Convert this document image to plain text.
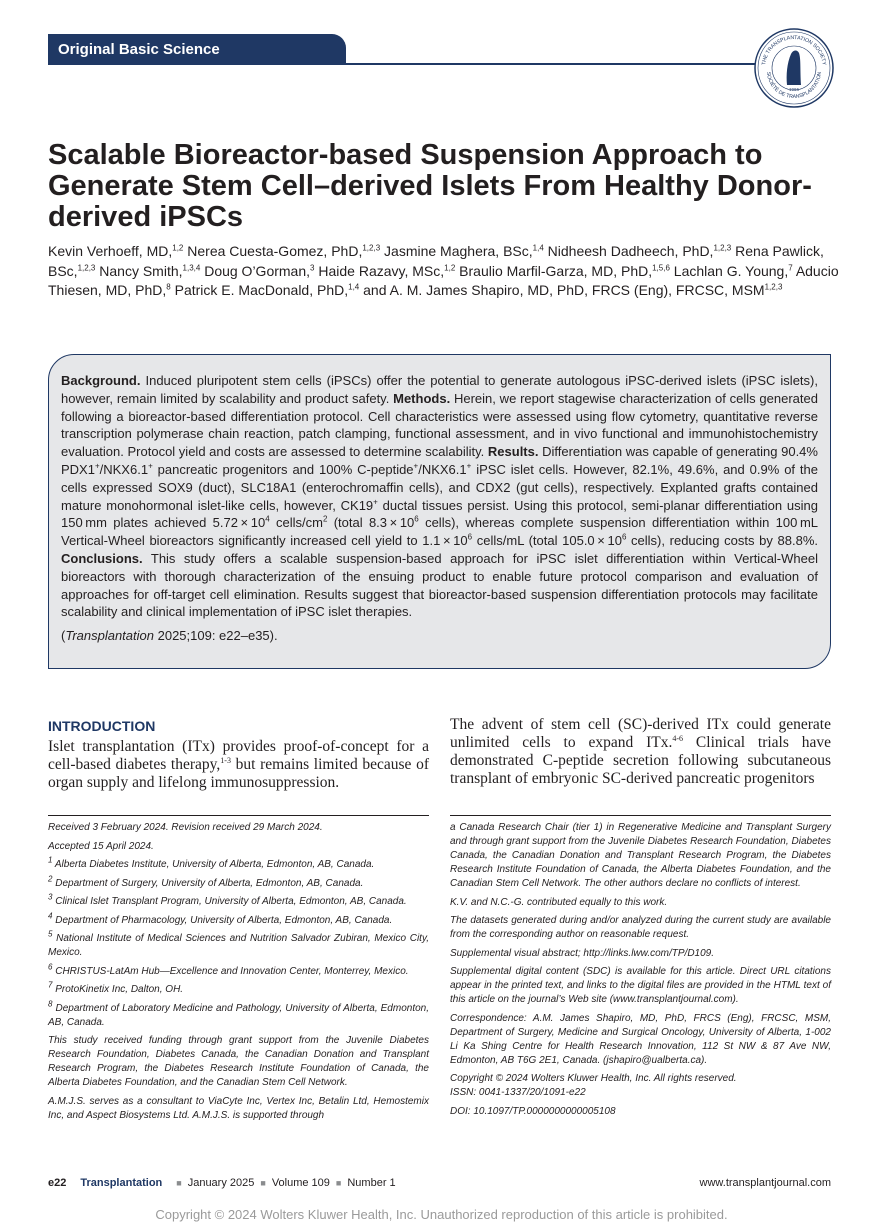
Original Basic Science
THE TRANSPLANTATION SOCIETY
SOCIÉTÉ DE TRANSPLANTATION
1966
Scalable Bioreactor-based Suspension Approach to Generate Stem Cell–derived Islets From Healthy Donor-derived iPSCs
Kevin Verhoeff, MD,$^{1,2}$ Nerea Cuesta-Gomez, PhD,$^{1,2,3}$ Jasmine Maghera, BSc,$^{1,4}$ Nidheesh Dadheech, PhD,$^{1,2,3}$ Rena Pawlick, BSc,$^{1,2,3}$ Nancy Smith,$^{1,3,4}$ Doug O’Gorman,$^3$ Haide Razavy, MSc,$^{1,2}$ Braulio Marfil-Garza, MD, PhD,$^{1,5,6}$ Lachlan G. Young,$^7$ Aducio Thiesen, MD, PhD,$^8$ Patrick E. MacDonald, PhD,$^{1,4}$ and A. M. James Shapiro, MD, PhD, FRCS (Eng), FRCSC, MSM$^{1,2,3}$
Background. Induced pluripotent stem cells (iPSCs) offer the potential to generate autologous iPSC-derived islets (iPSC islets), however, remain limited by scalability and product safety. Methods. Herein, we report stagewise characterization of cells generated following a bioreactor-based differentiation protocol. Cell characteristics were assessed using flow cytometry, quantitative reverse transcription polymerase chain reaction, patch clamping, functional assessment, and in vivo functional and immunohistochemistry evaluation. Protocol yield and costs are assessed to determine scalability. Results. Differentiation was capable of generating 90.4% PDX1+/NKX6.1+ pancreatic progenitors and 100% C-peptide+/NKX6.1+ iPSC islet cells. However, 82.1%, 49.6%, and 0.9% of the cells expressed SOX9 (duct), SLC18A1 (enterochromaffin cells), and CDX2 (gut cells), respectively. Explanted grafts contained mature monohormonal islet-like cells, however, CK19+ ductal tissues persist. Using this protocol, semi-planar differentiation using 150 mm plates achieved $5.72 \times 10^4$ cells/$cm^2$ (total $8.3 \times 10^6$ cells), whereas complete suspension differentiation within 100 mL Vertical-Wheel bioreactors significantly increased cell yield to $1.1 \times 10^6$ cells/mL (total $105.0 \times 10^6$ cells), reducing costs by 88.8%. Conclusions. This study offers a scalable suspension-based approach for iPSC islet differentiation within Vertical-Wheel bioreactors with thorough characterization of the ensuing product to enable future protocol comparison and evaluation of approaches for off-target cell elimination. Results suggest that bioreactor-based suspension differentiation protocols may facilitate scalability and clinical implementation of iPSC islet therapies.
(Transplantation 2025;109: e22–e35).
INTRODUCTION
Islet transplantation (ITx) provides proof-of-concept for a cell-based diabetes therapy,$^{1-3}$ but remains limited because of organ supply and lifelong immunosuppression.
The advent of stem cell (SC)-derived ITx could generate unlimited cells to expand ITx.$^{4-6}$ Clinical trials have demonstrated C-peptide secretion following subcutaneous transplant of embryonic SC-derived pancreatic progenitors

Received 3 February 2024. Revision received 29 March 2024.

Accepted 15 April 2024.

$^1$ Alberta Diabetes Institute, University of Alberta, Edmonton, AB, Canada.

$^2$ Department of Surgery, University of Alberta, Edmonton, AB, Canada.

$^3$ Clinical Islet Transplant Program, University of Alberta, Edmonton, AB, Canada.

$^4$ Department of Pharmacology, University of Alberta, Edmonton, AB, Canada.

$^5$ National Institute of Medical Sciences and Nutrition Salvador Zubiran, Mexico City, Mexico.

$^6$ CHRISTUS-LatAm Hub—Excellence and Innovation Center, Monterrey, Mexico.

$^7$ ProtoKinetix Inc, Dalton, OH.

$^8$ Department of Laboratory Medicine and Pathology, University of Alberta, Edmonton, AB, Canada.

This study received funding through grant support from the Juvenile Diabetes Research Foundation, Diabetes Canada, the Canadian Donation and Transplant Research Program, the Diabetes Research Institute Foundation of Canada, the Alberta Diabetes Foundation, and the Canadian Stem Cell Network.

A.M.J.S. serves as a consultant to ViaCyte Inc, Vertex Inc, Betalin Ltd, Hemostemix Inc, and Aspect Biosystems Ltd. A.M.J.S. is supported through

a Canada Research Chair (tier 1) in Regenerative Medicine and Transplant Surgery and through grant support from the Juvenile Diabetes Research Foundation, Diabetes Canada, the Canadian Donation and Transplant Research Program, the Diabetes Research Institute Foundation of Canada, the Alberta Diabetes Foundation, and the Canadian Stem Cell Network. The other authors declare no conflicts of interest.

K.V. and N.C.-G. contributed equally to this work.

The datasets generated during and/or analyzed during the current study are available from the corresponding author on reasonable request.

Supplemental visual abstract; http://links.lww.com/TP/D109.

Supplemental digital content (SDC) is available for this article. Direct URL citations appear in the printed text, and links to the digital files are provided in the HTML text of this article on the journal’s Web site (www.transplantjournal.com).

Correspondence: A.M. James Shapiro, MD, PhD, FRCS (Eng), FRCSC, MSM, Department of Surgery, Medicine and Surgical Oncology, University of Alberta, 1-002 Li Ka Shing Centre for Health Research Innovation, 112 St NW & 87 Ave NW, Edmonton, AB T6G 2E1, Canada. (jshapiro@ualberta.ca).

Copyright © 2024 Wolters Kluwer Health, Inc. All rights reserved.

ISSN: 0041-1337/20/1091-e22

DOI: 10.1097/TP.0000000000005108

e22 Transplantation ■ January 2025 ■ Volume 109 ■ Number 1	www.transplantjournal.com
Copyright © 2024 Wolters Kluwer Health, Inc. Unauthorized reproduction of this article is prohibited.
